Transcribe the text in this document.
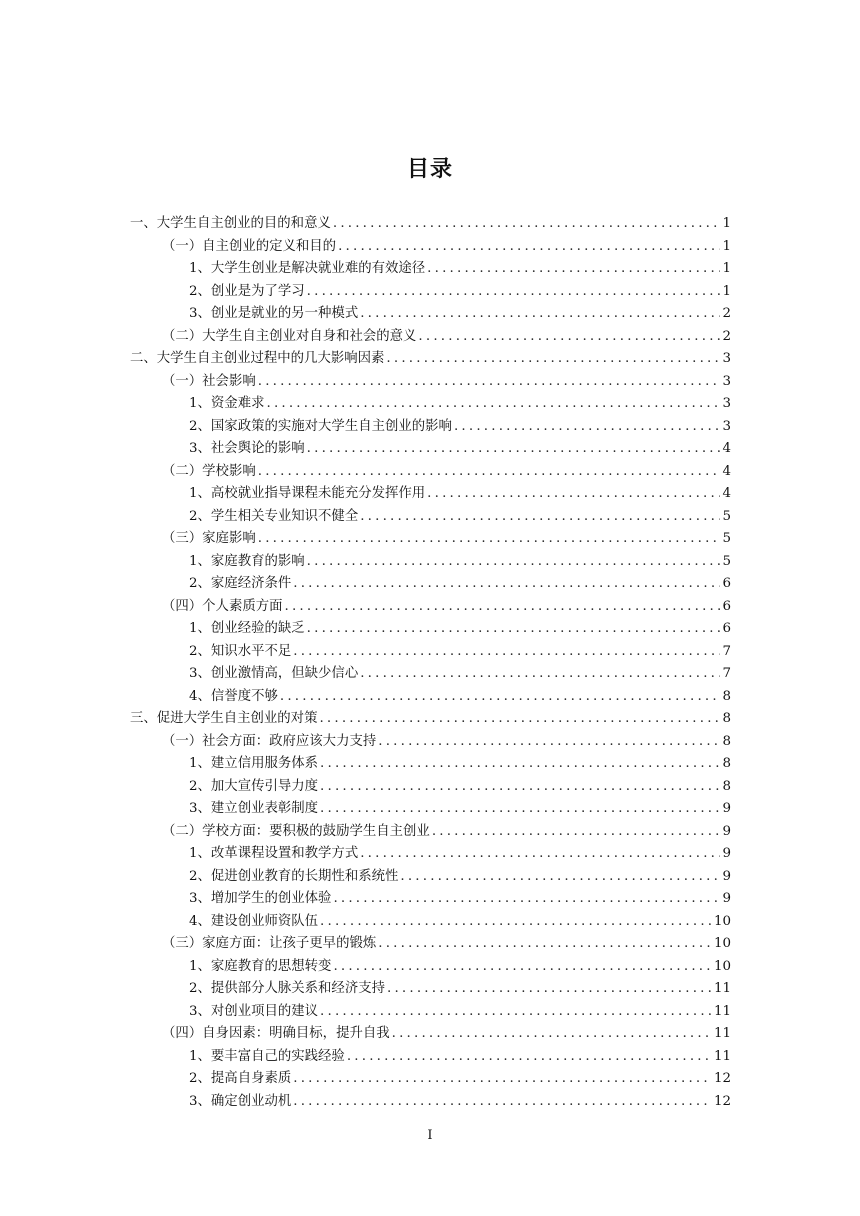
目录
一、大学生自主创业的目的和意义 .....	1
（一）自主创业的定义和目的 .....	1
1、大学生创业是解决就业难的有效途径 .....	1
2、创业是为了学习 .....	1
3、创业是就业的另一种模式 .....	2
（二）大学生自主创业对自身和社会的意义 .....	2
二、大学生自主创业过程中的几大影响因素 .....	3
（一）社会影响 .....	3
1、资金难求 .....	3
2、国家政策的实施对大学生自主创业的影响 .....	3
3、社会舆论的影响 .....	4
（二）学校影响 .....	4
1、高校就业指导课程未能充分发挥作用 .....	4
2、学生相关专业知识不健全 .....	5
（三）家庭影响 .....	5
1、家庭教育的影响 .....	5
2、家庭经济条件 .....	6
（四）个人素质方面 .....	6
1、创业经验的缺乏 .....	6
2、知识水平不足 .....	7
3、创业激情高，但缺少信心 .....	7
4、信誉度不够 .....	8
三、促进大学生自主创业的对策 .....	8
（一）社会方面：政府应该大力支持 .....	8
1、建立信用服务体系 .....	8
2、加大宣传引导力度 .....	8
3、建立创业表彰制度 .....	9
（二）学校方面：要积极的鼓励学生自主创业 .....	9
1、改革课程设置和教学方式 .....	9
2、促进创业教育的长期性和系统性 .....	9
3、增加学生的创业体验 .....	9
4、建设创业师资队伍 .....	10
（三）家庭方面：让孩子更早的锻炼 .....	10
1、家庭教育的思想转变 .....	10
2、提供部分人脉关系和经济支持 .....	11
3、对创业项目的建议 .....	11
（四）自身因素：明确目标，提升自我 .....	11
1、要丰富自己的实践经验 .....	11
2、提高自身素质 .....	12
3、确定创业动机 .....	12
I
